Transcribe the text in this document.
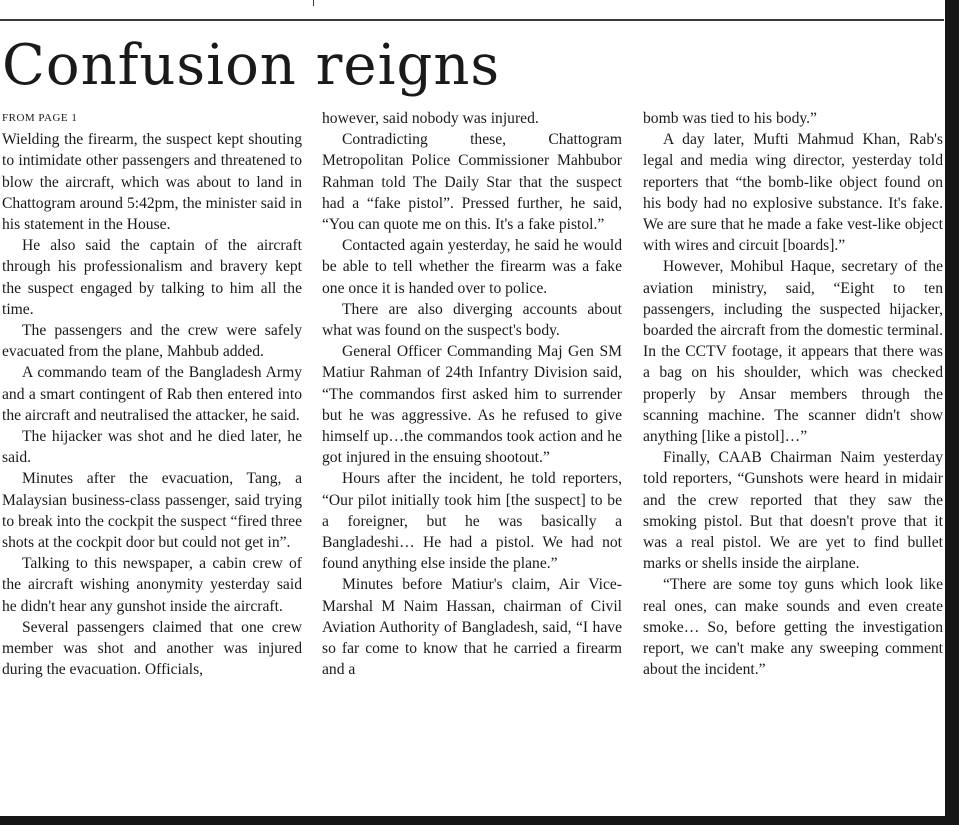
Confusion reigns
FROM PAGE 1

Wielding the firearm, the suspect kept shouting to intimidate other passengers and threatened to blow the aircraft, which was about to land in Chattogram around 5:42pm, the minister said in his statement in the House.

He also said the captain of the aircraft through his professionalism and bravery kept the suspect engaged by talking to him all the time.

The passengers and the crew were safely evacuated from the plane, Mahbub added.

A commando team of the Bangladesh Army and a smart contingent of Rab then entered into the aircraft and neutralised the attacker, he said.

The hijacker was shot and he died later, he said.

Minutes after the evacuation, Tang, a Malaysian business-class passenger, said trying to break into the cockpit the suspect “fired three shots at the cockpit door but could not get in”.

Talking to this newspaper, a cabin crew of the aircraft wishing anonymity yesterday said he didn't hear any gunshot inside the aircraft.

Several passengers claimed that one crew member was shot and another was injured during the evacuation. Officials,

however, said nobody was injured.

Contradicting these, Chattogram Metropolitan Police Commissioner Mahbubor Rahman told The Daily Star that the suspect had a “fake pistol”. Pressed further, he said, “You can quote me on this. It's a fake pistol.”

Contacted again yesterday, he said he would be able to tell whether the firearm was a fake one once it is handed over to police.

There are also diverging accounts about what was found on the suspect's body.

General Officer Commanding Maj Gen SM Matiur Rahman of 24th Infantry Division said, “The commandos first asked him to surrender but he was aggressive. As he refused to give himself up…the commandos took action and he got injured in the ensuing shootout.”

Hours after the incident, he told reporters, “Our pilot initially took him [the suspect] to be a foreigner, but he was basically a Bangladeshi… He had a pistol. We had not found anything else inside the plane.”

Minutes before Matiur's claim, Air Vice-Marshal M Naim Hassan, chairman of Civil Aviation Authority of Bangladesh, said, “I have so far come to know that he carried a firearm and a

bomb was tied to his body.”

A day later, Mufti Mahmud Khan, Rab's legal and media wing director, yesterday told reporters that “the bomb-like object found on his body had no explosive substance. It's fake. We are sure that he made a fake vest-like object with wires and circuit [boards].”

However, Mohibul Haque, secretary of the aviation ministry, said, “Eight to ten passengers, including the suspected hijacker, boarded the aircraft from the domestic terminal. In the CCTV footage, it appears that there was a bag on his shoulder, which was checked properly by Ansar members through the scanning machine. The scanner didn't show anything [like a pistol]…”

Finally, CAAB Chairman Naim yesterday told reporters, “Gunshots were heard in midair and the crew reported that they saw the smoking pistol. But that doesn't prove that it was a real pistol. We are yet to find bullet marks or shells inside the airplane.

“There are some toy guns which look like real ones, can make sounds and even create smoke… So, before getting the investigation report, we can't make any sweeping comment about the incident.”
